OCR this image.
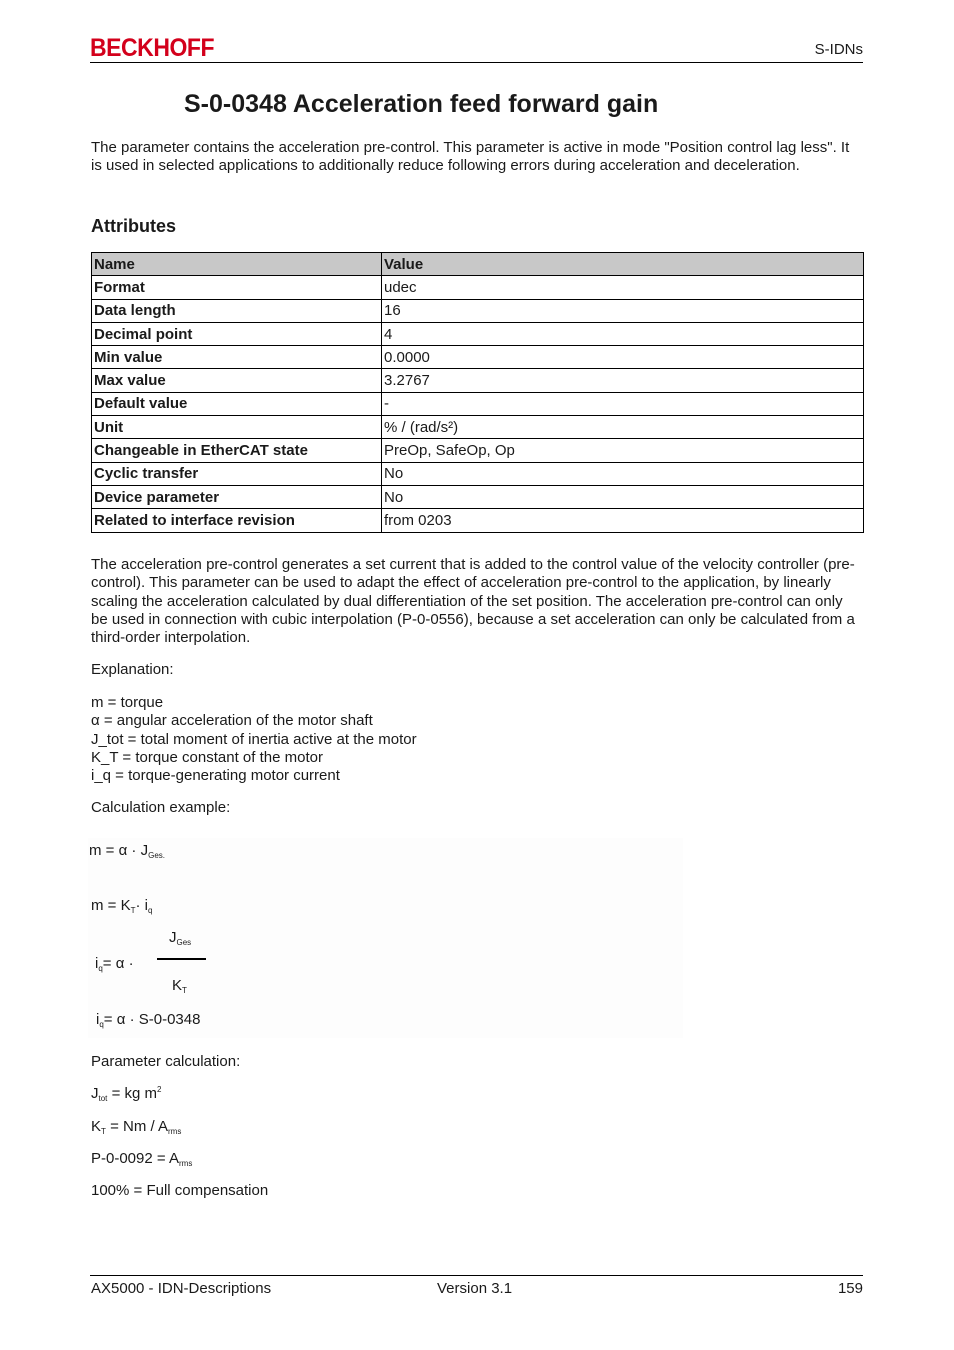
BECKHOFF	S-IDNs
S-0-0348 Acceleration feed forward gain

The parameter contains the acceleration pre-control. This parameter is active in mode "Position control lag less". It is used in selected applications to additionally reduce following errors during acceleration and deceleration.

Attributes
Name	Value
Format	udec
Data length	16
Decimal point	4
Min value	0.0000
Max value	3.2767
Default value	-
Unit	% / (rad/s²)
Changeable in EtherCAT state	PreOp, SafeOp, Op
Cyclic transfer	No
Device parameter	No
Related to interface revision	from 0203

The acceleration pre-control generates a set current that is added to the control value of the velocity controller (pre-control). This parameter can be used to adapt the effect of acceleration pre-control to the application, by linearly scaling the acceleration calculated by dual differentiation of the set position. The acceleration pre-control can only be used in connection with cubic interpolation (P-0-0556), because a set acceleration can only be calculated from a third-order interpolation.

Explanation:
m = torque
α = angular acceleration of the motor shaft
J_tot = total moment of inertia active at the motor
K_T = torque constant of the motor
i_q = torque-generating motor current
Calculation example:
$m = \alpha \cdot J_{Ges.}$
$m = K_T\cdot i_q$
$J_{Ges}$
$i_q= \alpha$ ·
$K_T$
$i_q= \alpha \cdot S-0-0348$
Parameter calculation:
$J_{tot}$ = kg $m^2$
$K_T = Nm / A_{rms}$
$P-0-0092 = A_{rms}$
100% = Full compensation
AX5000 - IDN-Descriptions	Version 3.1	159
